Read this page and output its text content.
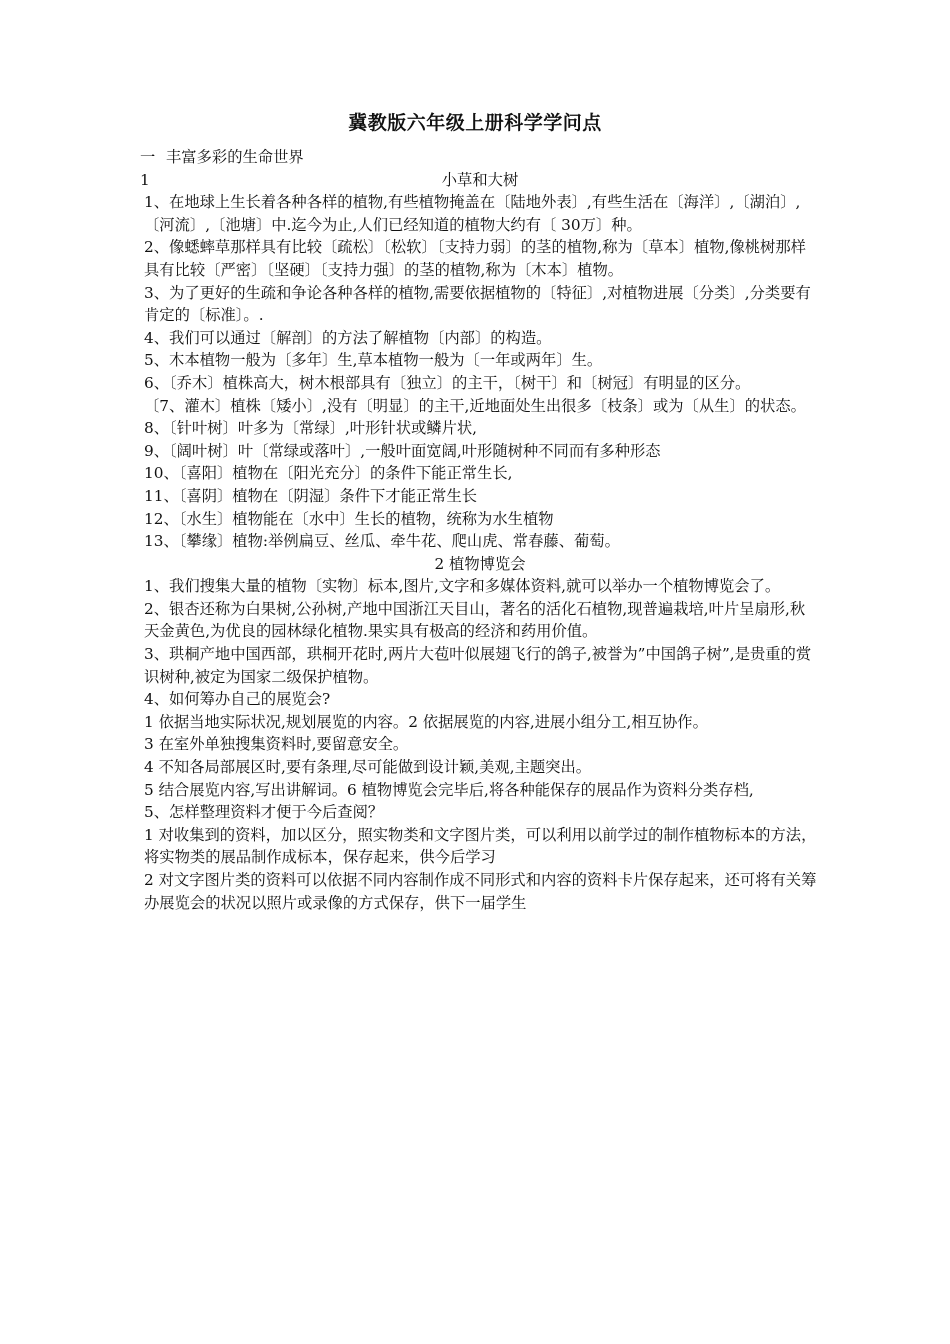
冀教版六年级上册科学学问点

一 丰富多彩的生命世界

1	小草和大树

1、在地球上生长着各种各样的植物,有些植物掩盖在〔陆地外表〕,有些生活在〔海洋〕,〔湖泊〕,〔河流〕,〔池塘〕中.迄今为止,人们已经知道的植物大约有〔 30万〕种。

2、像蟋蟀草那样具有比较〔疏松〕〔松软〕〔支持力弱〕的茎的植物,称为〔草本〕植物,像桃树那样具有比较〔严密〕〔坚硬〕〔支持力强〕的茎的植物,称为〔木本〕植物。

3、为了更好的生疏和争论各种各样的植物,需要依据植物的〔特征〕,对植物进展〔分类〕,分类要有肯定的〔标准〕。.

4、我们可以通过〔解剖〕的方法了解植物〔内部〕的构造。

5、木本植物一般为〔多年〕生,草本植物一般为〔一年或两年〕生。

6、〔乔木〕植株高大，树木根部具有〔独立〕的主干，〔树干〕和〔树冠〕有明显的区分。

〔7、灌木〕植株〔矮小〕,没有〔明显〕的主干,近地面处生出很多〔枝条〕或为〔从生〕的状态。

8、〔针叶树〕叶多为〔常绿〕,叶形针状或鳞片状,

9、〔阔叶树〕叶〔常绿或落叶〕,一般叶面宽阔,叶形随树种不同而有多种形态

10、〔喜阳〕植物在〔阳光充分〕的条件下能正常生长,

11、〔喜阴〕植物在〔阴湿〕条件下才能正常生长

12、〔水生〕植物能在〔水中〕生长的植物，统称为水生植物

13、〔攀缘〕植物:举例扁豆、丝瓜、牵牛花、爬山虎、常春藤、葡萄。

2 植物博览会

1、我们搜集大量的植物〔实物〕标本,图片,文字和多媒体资料,就可以举办一个植物博览会了。

2、银杏还称为白果树,公孙树,产地中国浙江天目山，著名的活化石植物,现普遍栽培,叶片呈扇形,秋天金黄色,为优良的园林绿化植物.果实具有极高的经济和药用价值。

3、珙桐产地中国西部，珙桐开花时,两片大苞叶似展翅飞行的鸽子,被誉为”中国鸽子树”,是贵重的赏识树种,被定为国家二级保护植物。

4、如何筹办自己的展览会?

1 依据当地实际状况,规划展览的内容。2 依据展览的内容,进展小组分工,相互协作。

3 在室外单独搜集资料时,要留意安全。

4 不知各局部展区时,要有条理,尽可能做到设计颖,美观,主题突出。

5 结合展览内容,写出讲解词。6 植物博览会完毕后,将各种能保存的展品作为资料分类存档,

5、怎样整理资料才便于今后查阅？

1 对收集到的资料，加以区分，照实物类和文字图片类，可以利用以前学过的制作植物标本的方法，将实物类的展品制作成标本，保存起来，供今后学习

2 对文字图片类的资料可以依据不同内容制作成不同形式和内容的资料卡片保存起来，还可将有关筹办展览会的状况以照片或录像的方式保存，供下一届学生
